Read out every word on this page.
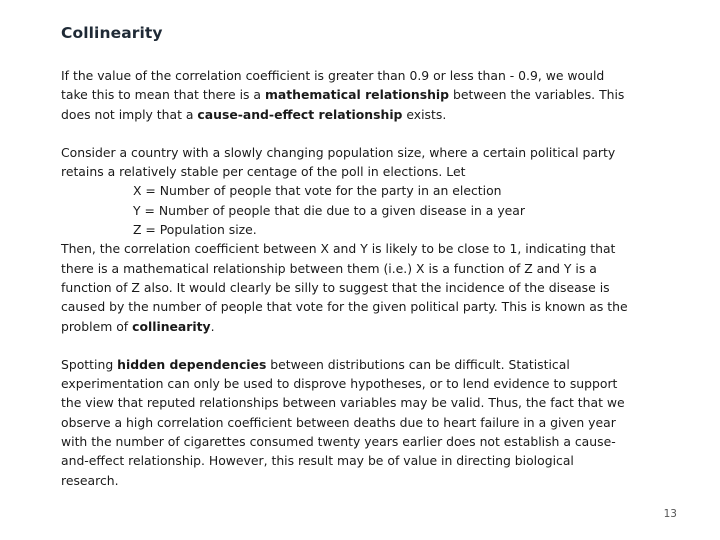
Collinearity
If the value of the correlation coefficient is greater than 0.9 or less than - 0.9, we would
take this to mean that there is a mathematical relationship between the variables. This
does not imply that a cause-and-effect relationship exists.
Consider a country with a slowly changing population size, where a certain political party
retains a relatively stable per centage of the poll in elections. Let
X = Number of people that vote for the party in an election
Y = Number of people that die due to a given disease in a year
Z = Population size.
Then, the correlation coefficient between X and Y is likely to be close to 1, indicating that
there is a mathematical relationship between them (i.e.) X is a function of Z and Y is a
function of Z also. It would clearly be silly to suggest that the incidence of the disease is
caused by the number of people that vote for the given political party. This is known as the
problem of collinearity.
Spotting hidden dependencies between distributions can be difficult. Statistical
experimentation can only be used to disprove hypotheses, or to lend evidence to support
the view that reputed relationships between variables may be valid. Thus, the fact that we
observe a high correlation coefficient between deaths due to heart failure in a given year
with the number of cigarettes consumed twenty years earlier does not establish a cause-
and-effect relationship. However, this result may be of value in directing biological
research.
13
